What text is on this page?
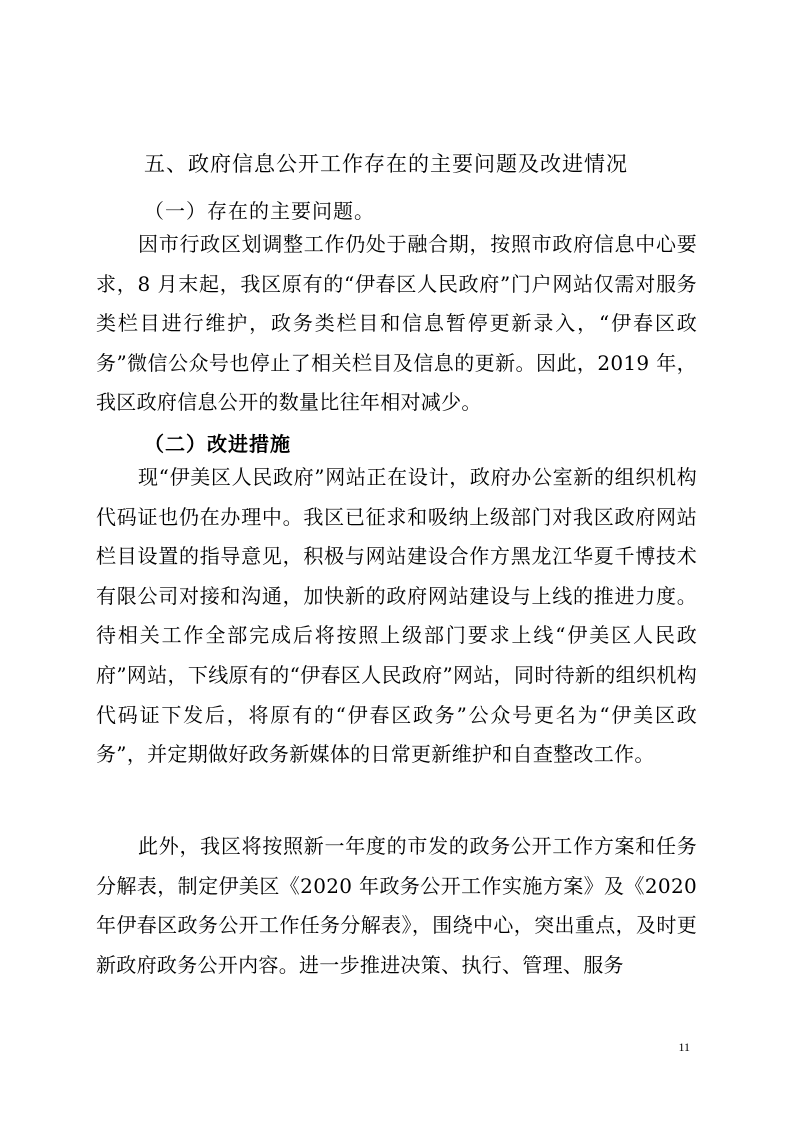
五、政府信息公开工作存在的主要问题及改进情况
（一）存在的主要问题。

因市行政区划调整工作仍处于融合期，按照市政府信息中心要求，8 月末起，我区原有的“伊春区人民政府”门户网站仅需对服务类栏目进行维护，政务类栏目和信息暂停更新录入，“伊春区政务”微信公众号也停止了相关栏目及信息的更新。因此，2019 年，我区政府信息公开的数量比往年相对减少。

（二）改进措施

现“伊美区人民政府”网站正在设计，政府办公室新的组织机构代码证也仍在办理中。我区已征求和吸纳上级部门对我区政府网站栏目设置的指导意见，积极与网站建设合作方黑龙江华夏千博技术有限公司对接和沟通，加快新的政府网站建设与上线的推进力度。待相关工作全部完成后将按照上级部门要求上线“伊美区人民政府”网站，下线原有的“伊春区人民政府”网站，同时待新的组织机构代码证下发后，将原有的“伊春区政务”公众号更名为“伊美区政务”，并定期做好政务新媒体的日常更新维护和自查整改工作。

此外，我区将按照新一年度的市发的政务公开工作方案和任务分解表，制定伊美区《2020 年政务公开工作实施方案》及《2020 年伊春区政务公开工作任务分解表》，围绕中心，突出重点，及时更新政府政务公开内容。进一步推进决策、执行、管理、服务

11
